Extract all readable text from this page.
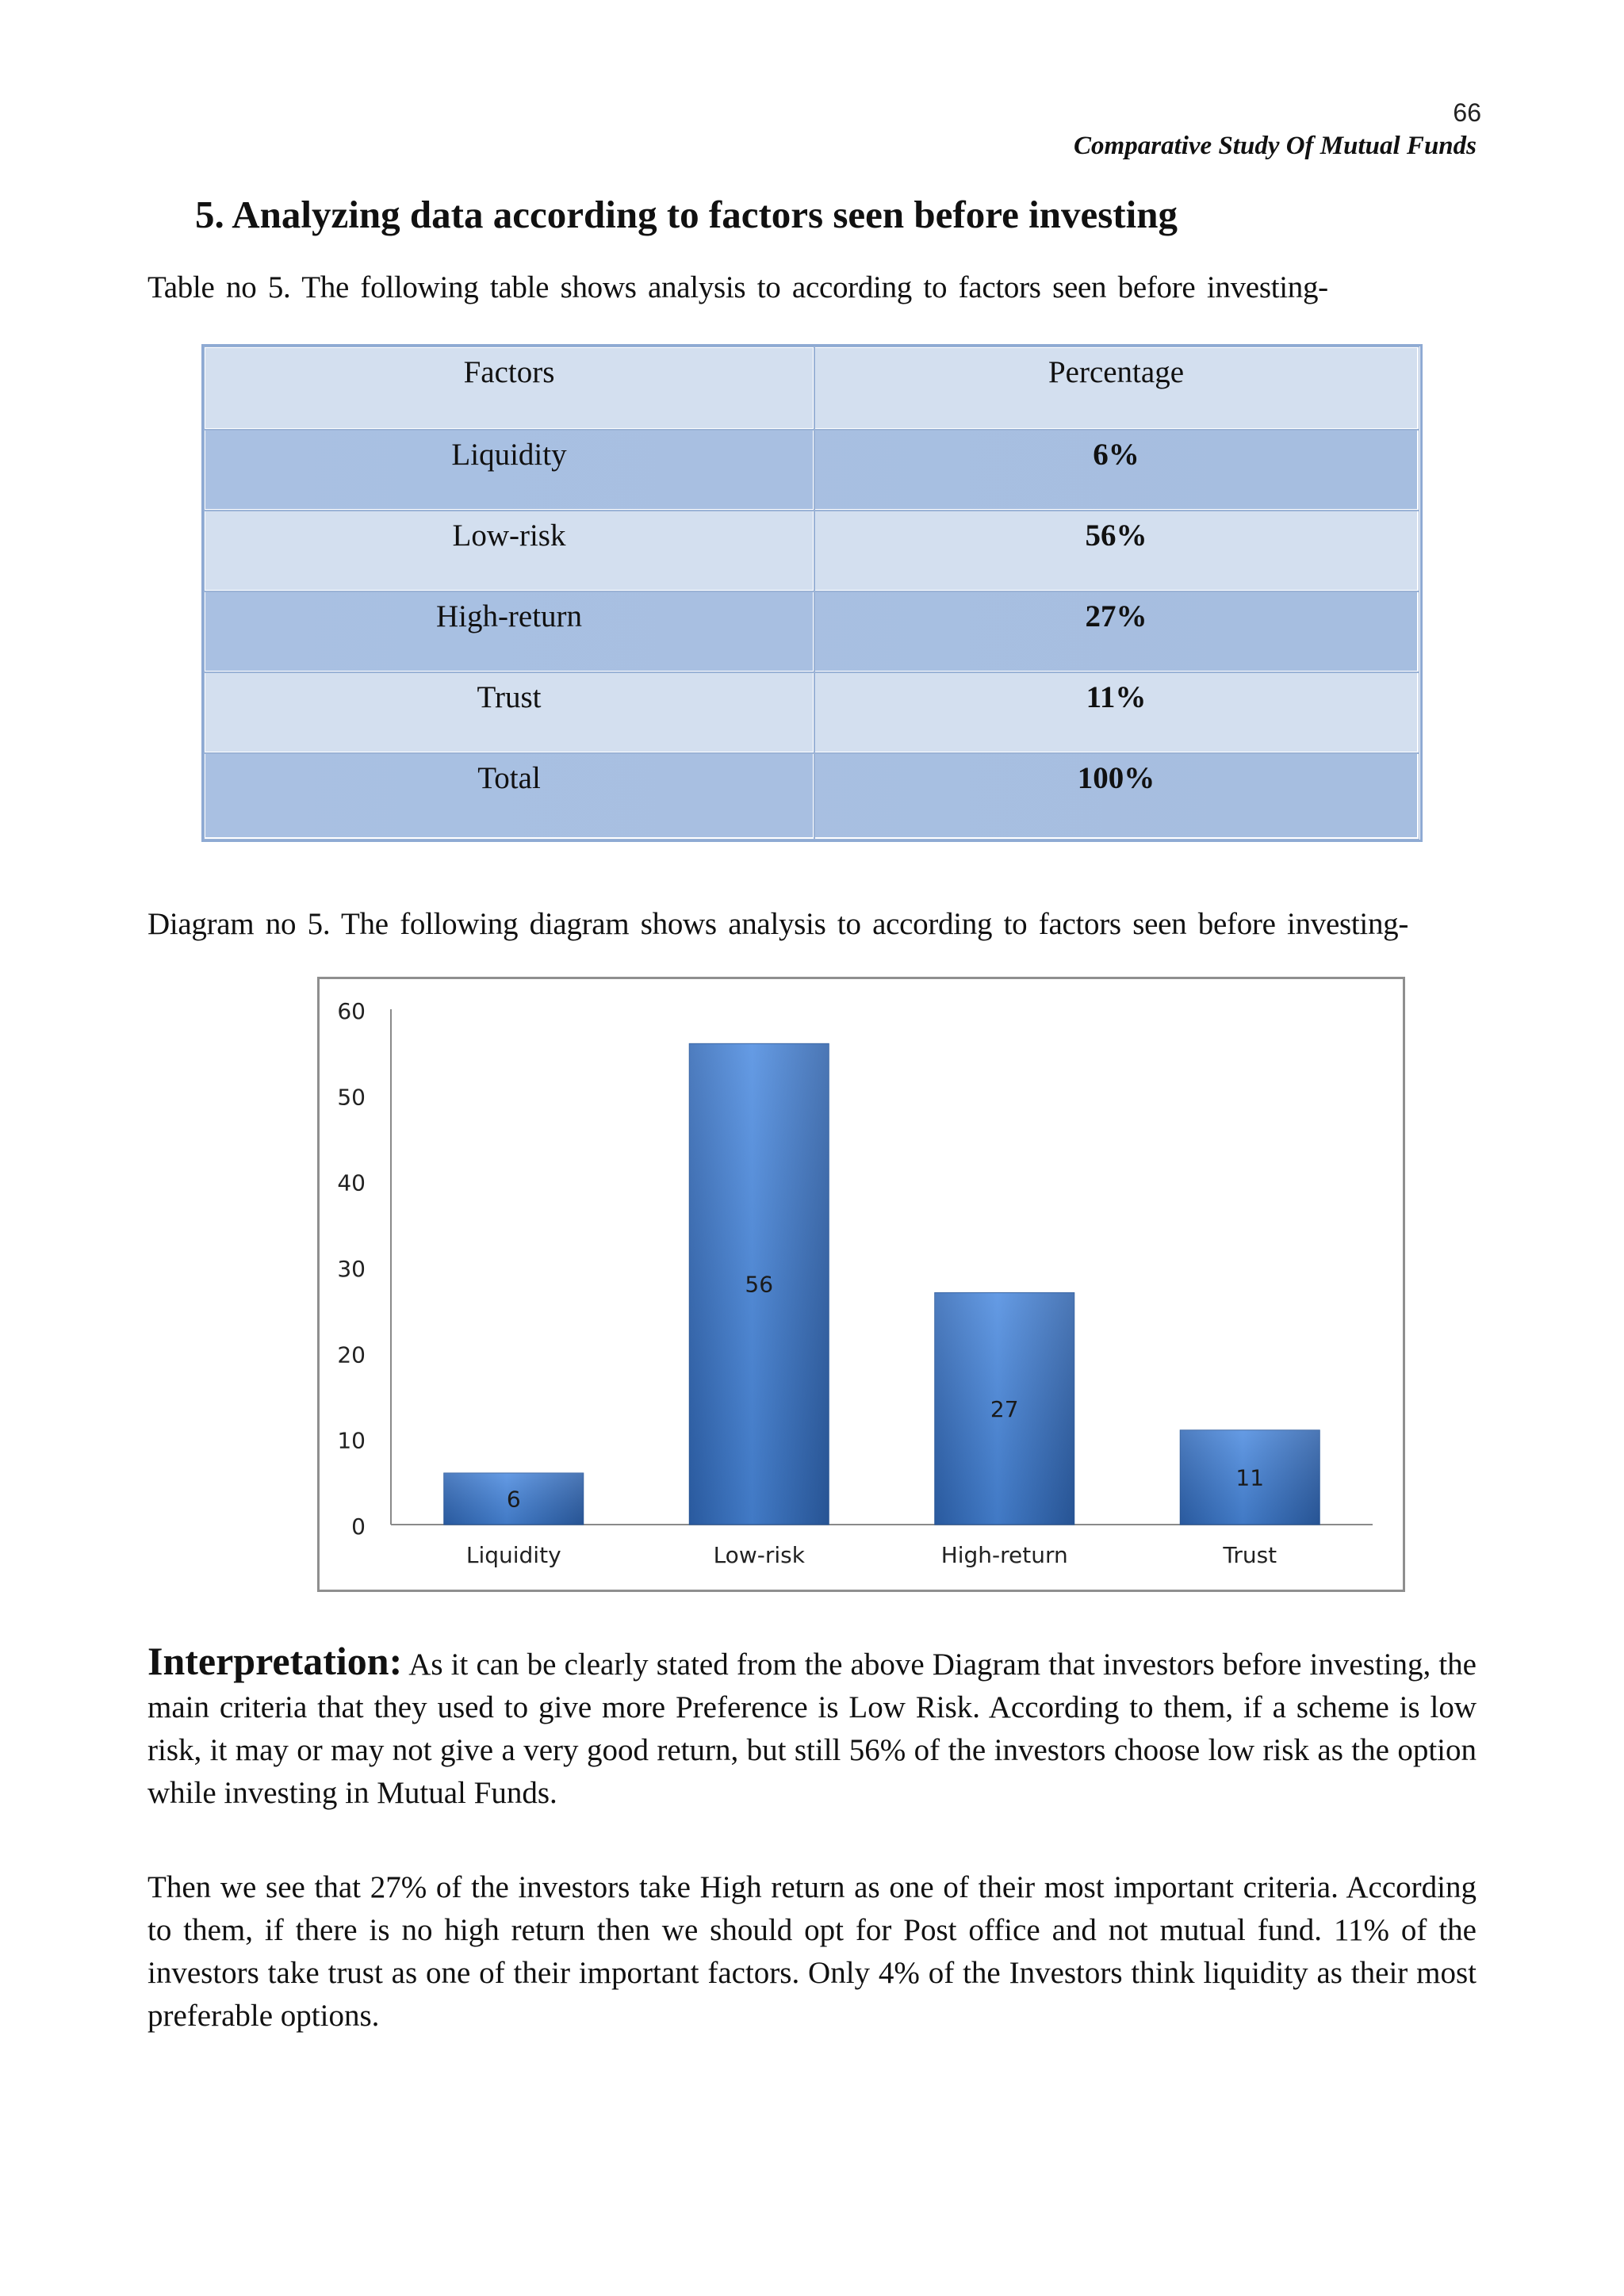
66
Comparative Study Of Mutual Funds
5. Analyzing data according to factors seen before investing
Table no 5. The following table shows analysis to according to factors seen before investing-
Factors	Percentage
Liquidity	6%
Low-risk	56%
High-return	27%
Trust	11%
Total	100%
Diagram no 5. The following diagram shows analysis to according to factors seen before investing-
0
10
20
30
40
50
60
6
56
27
11
Liquidity	Low-risk	High-return	Trust

Interpretation: As it can be clearly stated from the above Diagram that investors before investing, the main criteria that they used to give more Preference is Low Risk. According to them, if a scheme is low risk, it may or may not give a very good return, but still 56% of the investors choose low risk as the option while investing in Mutual Funds.

Then we see that 27% of the investors take High return as one of their most important criteria. According to them, if there is no high return then we should opt for Post office and not mutual fund. 11% of the investors take trust as one of their important factors. Only 4% of the Investors think liquidity as their most preferable options.
